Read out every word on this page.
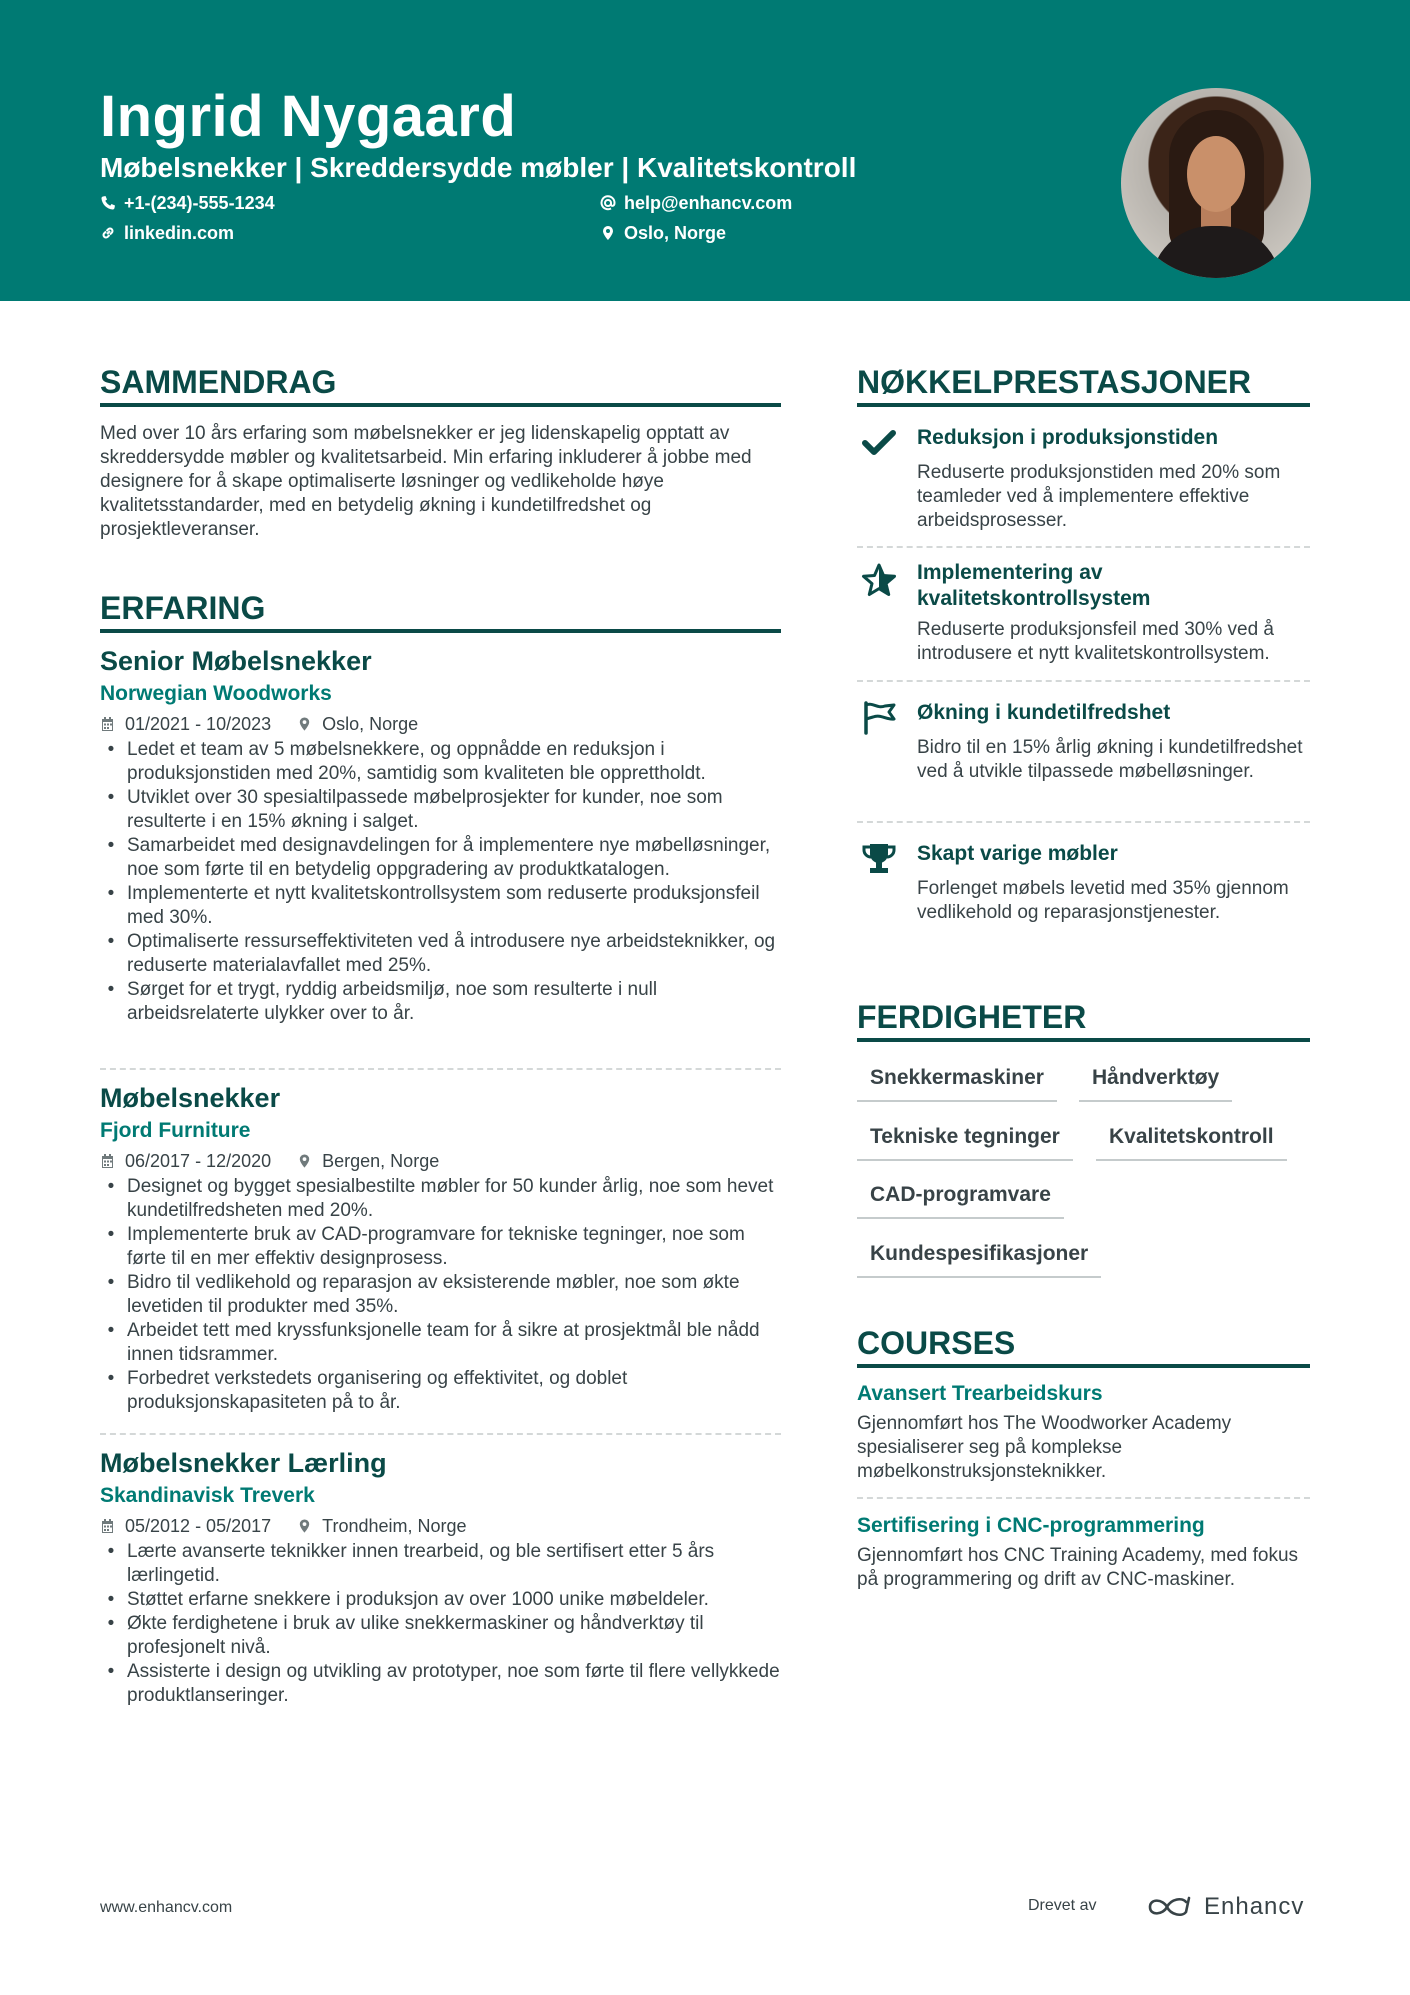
Ingrid Nygaard
Møbelsnekker | Skreddersydde møbler | Kvalitetskontroll
+1-(234)-555-1234	help@enhancv.com
linkedin.com	Oslo, Norge
SAMMENDRAG

Med over 10 års erfaring som møbelsnekker er jeg lidenskapelig opptatt av skreddersydde møbler og kvalitetsarbeid. Min erfaring inkluderer å jobbe med designere for å skape optimaliserte løsninger og vedlikeholde høye kvalitetsstandarder, med en betydelig økning i kundetilfredshet og prosjektleveranser.

ERFARING
Senior Møbelsnekker
Norwegian Woodworks
01/2021 - 10/2023	Oslo, Norge
• Ledet et team av 5 møbelsnekkere, og oppnådde en reduksjon i produksjonstiden med 20%, samtidig som kvaliteten ble opprettholdt.
• Utviklet over 30 spesialtilpassede møbelprosjekter for kunder, noe som resulterte i en 15% økning i salget.
• Samarbeidet med designavdelingen for å implementere nye møbelløsninger, noe som førte til en betydelig oppgradering av produktkatalogen.
• Implementerte et nytt kvalitetskontrollsystem som reduserte produksjonsfeil med 30%.
• Optimaliserte ressurseffektiviteten ved å introdusere nye arbeidsteknikker, og reduserte materialavfallet med 25%.
• Sørget for et trygt, ryddig arbeidsmiljø, noe som resulterte i null arbeidsrelaterte ulykker over to år.
Møbelsnekker
Fjord Furniture
06/2017 - 12/2020	Bergen, Norge
• Designet og bygget spesialbestilte møbler for 50 kunder årlig, noe som hevet kundetilfredsheten med 20%.
• Implementerte bruk av CAD-programvare for tekniske tegninger, noe som førte til en mer effektiv designprosess.
• Bidro til vedlikehold og reparasjon av eksisterende møbler, noe som økte levetiden til produkter med 35%.
• Arbeidet tett med kryssfunksjonelle team for å sikre at prosjektmål ble nådd innen tidsrammer.
• Forbedret verkstedets organisering og effektivitet, og doblet produksjonskapasiteten på to år.
Møbelsnekker Lærling
Skandinavisk Treverk
05/2012 - 05/2017	Trondheim, Norge
• Lærte avanserte teknikker innen trearbeid, og ble sertifisert etter 5 års lærlingetid.
• Støttet erfarne snekkere i produksjon av over 1000 unike møbeldeler.
• Økte ferdighetene i bruk av ulike snekkermaskiner og håndverktøy til profesjonelt nivå.
• Assisterte i design og utvikling av prototyper, noe som førte til flere vellykkede produktlanseringer.
NØKKELPRESTASJONER

Reduksjon i produksjonstiden

Reduserte produksjonstiden med 20% som teamleder ved å implementere effektive arbeidsprosesser.

Implementering av kvalitetskontrollsystem

Reduserte produksjonsfeil med 30% ved å introdusere et nytt kvalitetskontrollsystem.

Økning i kundetilfredshet

Bidro til en 15% årlig økning i kundetilfredshet ved å utvikle tilpassede møbelløsninger.

Skapt varige møbler

Forlenget møbels levetid med 35% gjennom vedlikehold og reparasjonstjenester.

FERDIGHETER
Snekkermaskiner	Håndverktøy
Tekniske tegninger	Kvalitetskontroll
CAD-programvare
Kundespesifikasjoner
COURSES

Avansert Trearbeidskurs

Gjennomført hos The Woodworker Academy spesialiserer seg på komplekse møbelkonstruksjonsteknikker.

Sertifisering i CNC-programmering

Gjennomført hos CNC Training Academy, med fokus på programmering og drift av CNC-maskiner.

www.enhancv.com	Drevet av	Enhancv
